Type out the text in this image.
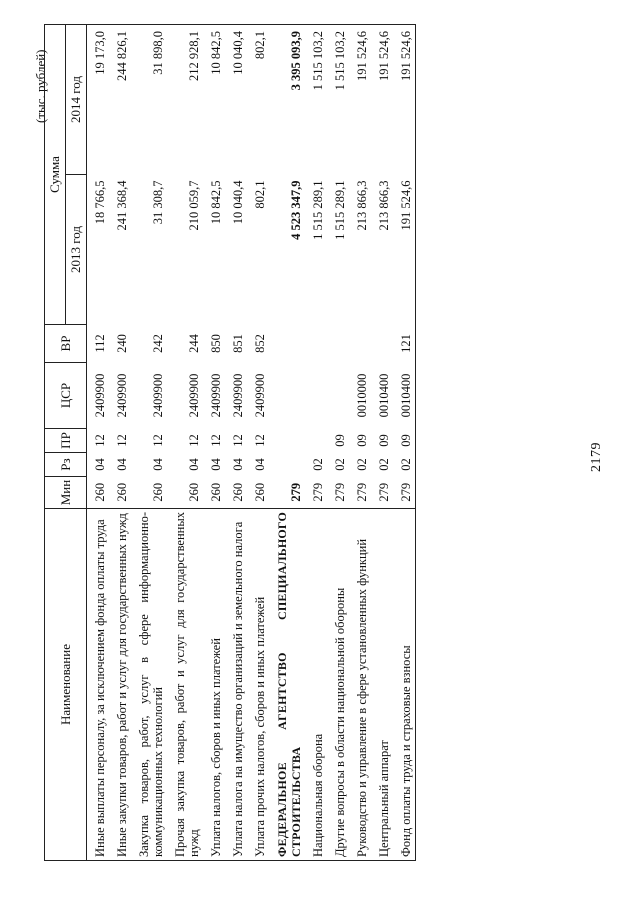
2179
(тыс. рублей)
Наименование	Мин	Рз	ПР	ЦСР	ВР	Сумма	
						2013 год	2014 год
Иные выплаты персоналу, за исключением фонда оплаты труда	260	04	12	2409900	112	18 766,5	19 173,0
Иные закупки товаров, работ и услуг для государственных нужд	260	04	12	2409900	240	241 368,4	244 826,1
Закупка товаров, работ, услуг в сфере информационно-коммуникационных технологий	260	04	12	2409900	242	31 308,7	31 898,0
Прочая закупка товаров, работ и услуг для государственных нужд	260	04	12	2409900	244	210 059,7	212 928,1
Уплата налогов, сборов и иных платежей	260	04	12	2409900	850	10 842,5	10 842,5
Уплата налога на имущество организаций и земельного налога	260	04	12	2409900	851	10 040,4	10 040,4
Уплата прочих налогов, сборов и иных платежей	260	04	12	2409900	852	802,1	802,1
ФЕДЕРАЛЬНОЕ АГЕНТСТВО СПЕЦИАЛЬНОГО СТРОИТЕЛЬСТВА	279					4 523 347,9	3 395 093,9
Национальная оборона	279	02				1 515 289,1	1 515 103,2
Другие вопросы в области национальной обороны	279	02	09			1 515 289,1	1 515 103,2
Руководство и управление в сфере установленных функций	279	02	09	0010000		213 866,3	191 524,6
Центральный аппарат	279	02	09	0010400		213 866,3	191 524,6
Фонд оплаты труда и страховые взносы	279	02	09	0010400	121	191 524,6	191 524,6
